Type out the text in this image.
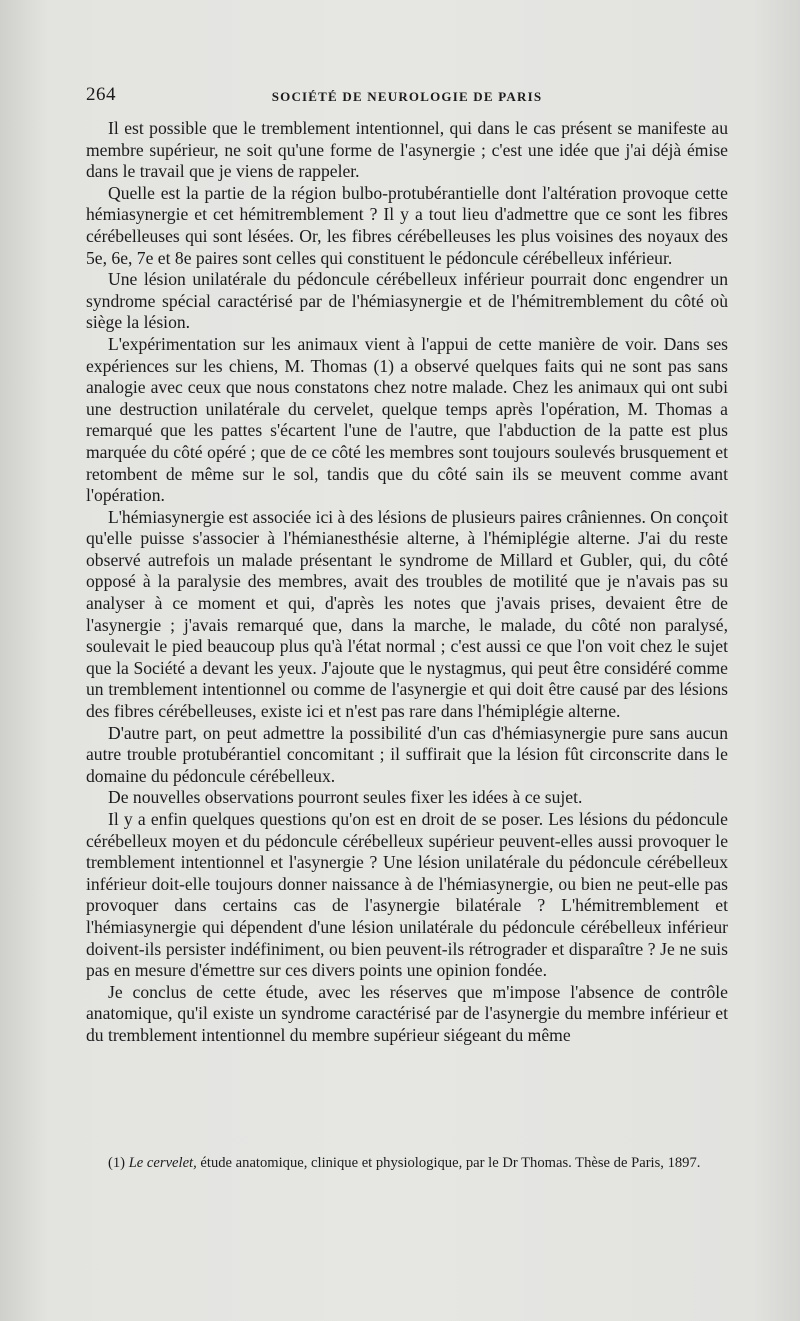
264	SOCIÉTÉ DE NEUROLOGIE DE PARIS

Il est possible que le tremblement intentionnel, qui dans le cas présent se manifeste au membre supérieur, ne soit qu'une forme de l'asynergie ; c'est une idée que j'ai déjà émise dans le travail que je viens de rappeler.

Quelle est la partie de la région bulbo-protubérantielle dont l'altération provoque cette hémiasynergie et cet hémitremblement ? Il y a tout lieu d'admettre que ce sont les fibres cérébelleuses qui sont lésées. Or, les fibres cérébelleuses les plus voisines des noyaux des 5e, 6e, 7e et 8e paires sont celles qui constituent le pédoncule cérébelleux inférieur.

Une lésion unilatérale du pédoncule cérébelleux inférieur pourrait donc engendrer un syndrome spécial caractérisé par de l'hémiasynergie et de l'hémitremblement du côté où siège la lésion.

L'expérimentation sur les animaux vient à l'appui de cette manière de voir. Dans ses expériences sur les chiens, M. Thomas (1) a observé quelques faits qui ne sont pas sans analogie avec ceux que nous constatons chez notre malade. Chez les animaux qui ont subi une destruction unilatérale du cervelet, quelque temps après l'opération, M. Thomas a remarqué que les pattes s'écartent l'une de l'autre, que l'abduction de la patte est plus marquée du côté opéré ; que de ce côté les membres sont toujours soulevés brusquement et retombent de même sur le sol, tandis que du côté sain ils se meuvent comme avant l'opération.

L'hémiasynergie est associée ici à des lésions de plusieurs paires crâniennes. On conçoit qu'elle puisse s'associer à l'hémianesthésie alterne, à l'hémiplégie alterne. J'ai du reste observé autrefois un malade présentant le syndrome de Millard et Gubler, qui, du côté opposé à la paralysie des membres, avait des troubles de motilité que je n'avais pas su analyser à ce moment et qui, d'après les notes que j'avais prises, devaient être de l'asynergie ; j'avais remarqué que, dans la marche, le malade, du côté non paralysé, soulevait le pied beaucoup plus qu'à l'état normal ; c'est aussi ce que l'on voit chez le sujet que la Société a devant les yeux. J'ajoute que le nystagmus, qui peut être considéré comme un tremblement intentionnel ou comme de l'asynergie et qui doit être causé par des lésions des fibres cérébelleuses, existe ici et n'est pas rare dans l'hémiplégie alterne.

D'autre part, on peut admettre la possibilité d'un cas d'hémiasynergie pure sans aucun autre trouble protubérantiel concomitant ; il suffirait que la lésion fût circonscrite dans le domaine du pédoncule cérébelleux.

De nouvelles observations pourront seules fixer les idées à ce sujet.

Il y a enfin quelques questions qu'on est en droit de se poser. Les lésions du pédoncule cérébelleux moyen et du pédoncule cérébelleux supérieur peuvent-elles aussi provoquer le tremblement intentionnel et l'asynergie ? Une lésion unilatérale du pédoncule cérébelleux inférieur doit-elle toujours donner naissance à de l'hémiasynergie, ou bien ne peut-elle pas provoquer dans certains cas de l'asynergie bilatérale ? L'hémitremblement et l'hémiasynergie qui dépendent d'une lésion unilatérale du pédoncule cérébelleux inférieur doivent-ils persister indéfiniment, ou bien peuvent-ils rétrograder et disparaître ? Je ne suis pas en mesure d'émettre sur ces divers points une opinion fondée.

Je conclus de cette étude, avec les réserves que m'impose l'absence de contrôle anatomique, qu'il existe un syndrome caractérisé par de l'asynergie du membre inférieur et du tremblement intentionnel du membre supérieur siégeant du même

(1) Le cervelet, étude anatomique, clinique et physiologique, par le Dr Thomas. Thèse de Paris, 1897.
